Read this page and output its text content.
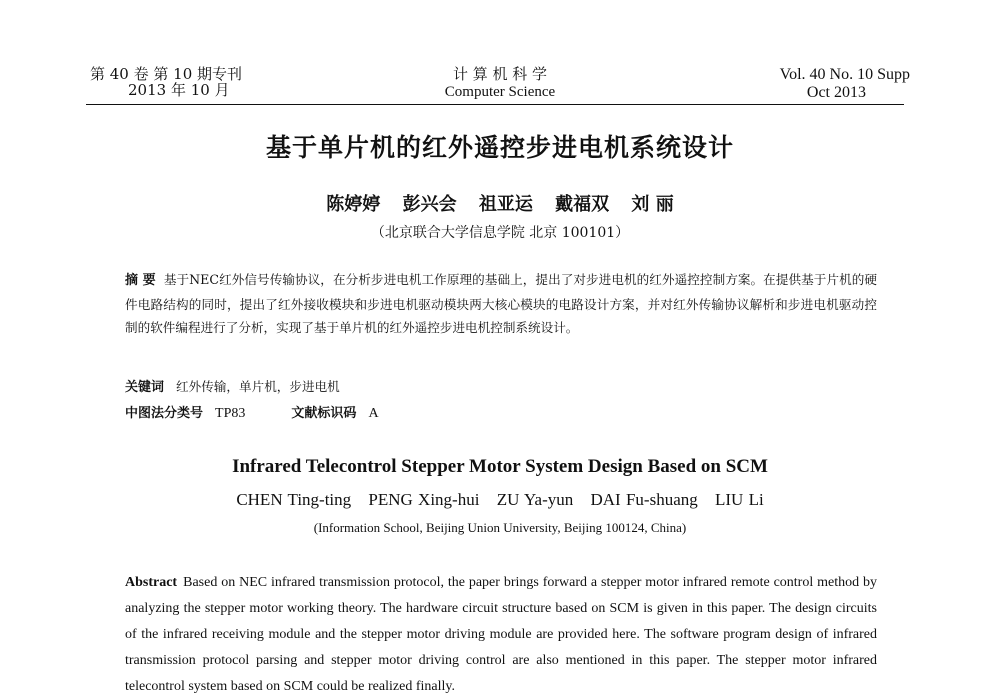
第 40 卷 第 10 期专刊
2013 年 10 月
计 算 机 科 学
Computer Science
Vol. 40 No. 10 Supp
Oct 2013
基于单片机的红外遥控步进电机系统设计
陈婷婷 彭兴会 祖亚运 戴福双 刘 丽
（北京联合大学信息学院 北京 100101）
摘 要 基于NEC红外信号传输协议，在分析步进电机工作原理的基础上，提出了对步进电机的红外遥控控制方案。在提供基于片机的硬件电路结构的同时，提出了红外接收模块和步进电机驱动模块两大核心模块的电路设计方案，并对红外传输协议解析和步进电机驱动控制的软件编程进行了分析，实现了基于单片机的红外遥控步进电机控制系统设计。
关键词 红外传输，单片机，步进电机
中图法分类号 TP83	文献标识码 A
Infrared Telecontrol Stepper Motor System Design Based on SCM
CHEN Ting-ting PENG Xing-hui ZU Ya-yun DAI Fu-shuang LIU Li
(Information School, Beijing Union University, Beijing 100124, China)
Abstract Based on NEC infrared transmission protocol, the paper brings forward a stepper motor infrared remote control method by analyzing the stepper motor working theory. The hardware circuit structure based on SCM is given in this paper. The design circuits of the infrared receiving module and the stepper motor driving module are provided here. The software program design of infrared transmission protocol parsing and stepper motor driving control are also mentioned in this paper. The stepper motor infrared telecontrol system based on SCM could be realized finally.
